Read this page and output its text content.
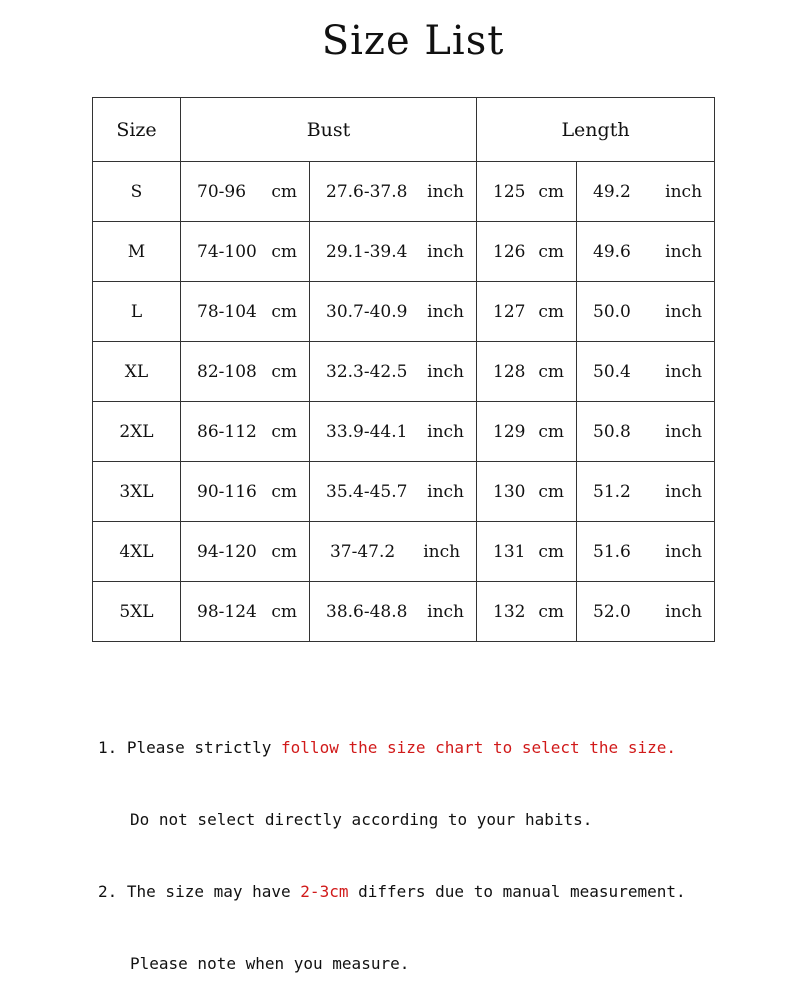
Size List
Size	Bust		Length	

S	70-96 cm	27.6-37.8 inch	125 cm	49.2 inch

M	74-100 cm	29.1-39.4 inch	126 cm	49.6 inch

L	78-104 cm	30.7-40.9 inch	127 cm	50.0 inch

XL	82-108 cm	32.3-42.5 inch	128 cm	50.4 inch

2XL	86-112 cm	33.9-44.1 inch	129 cm	50.8 inch

3XL	90-116 cm	35.4-45.7 inch	130 cm	51.2 inch

4XL	94-120 cm	37-47.2 inch	131 cm	51.6 inch

5XL	98-124 cm	38.6-48.8 inch	132 cm	52.0 inch

1. Please strictly follow the size chart to select the size.

Do not select directly according to your habits.

2. The size may have 2-3cm differs due to manual measurement.

Please note when you measure.
